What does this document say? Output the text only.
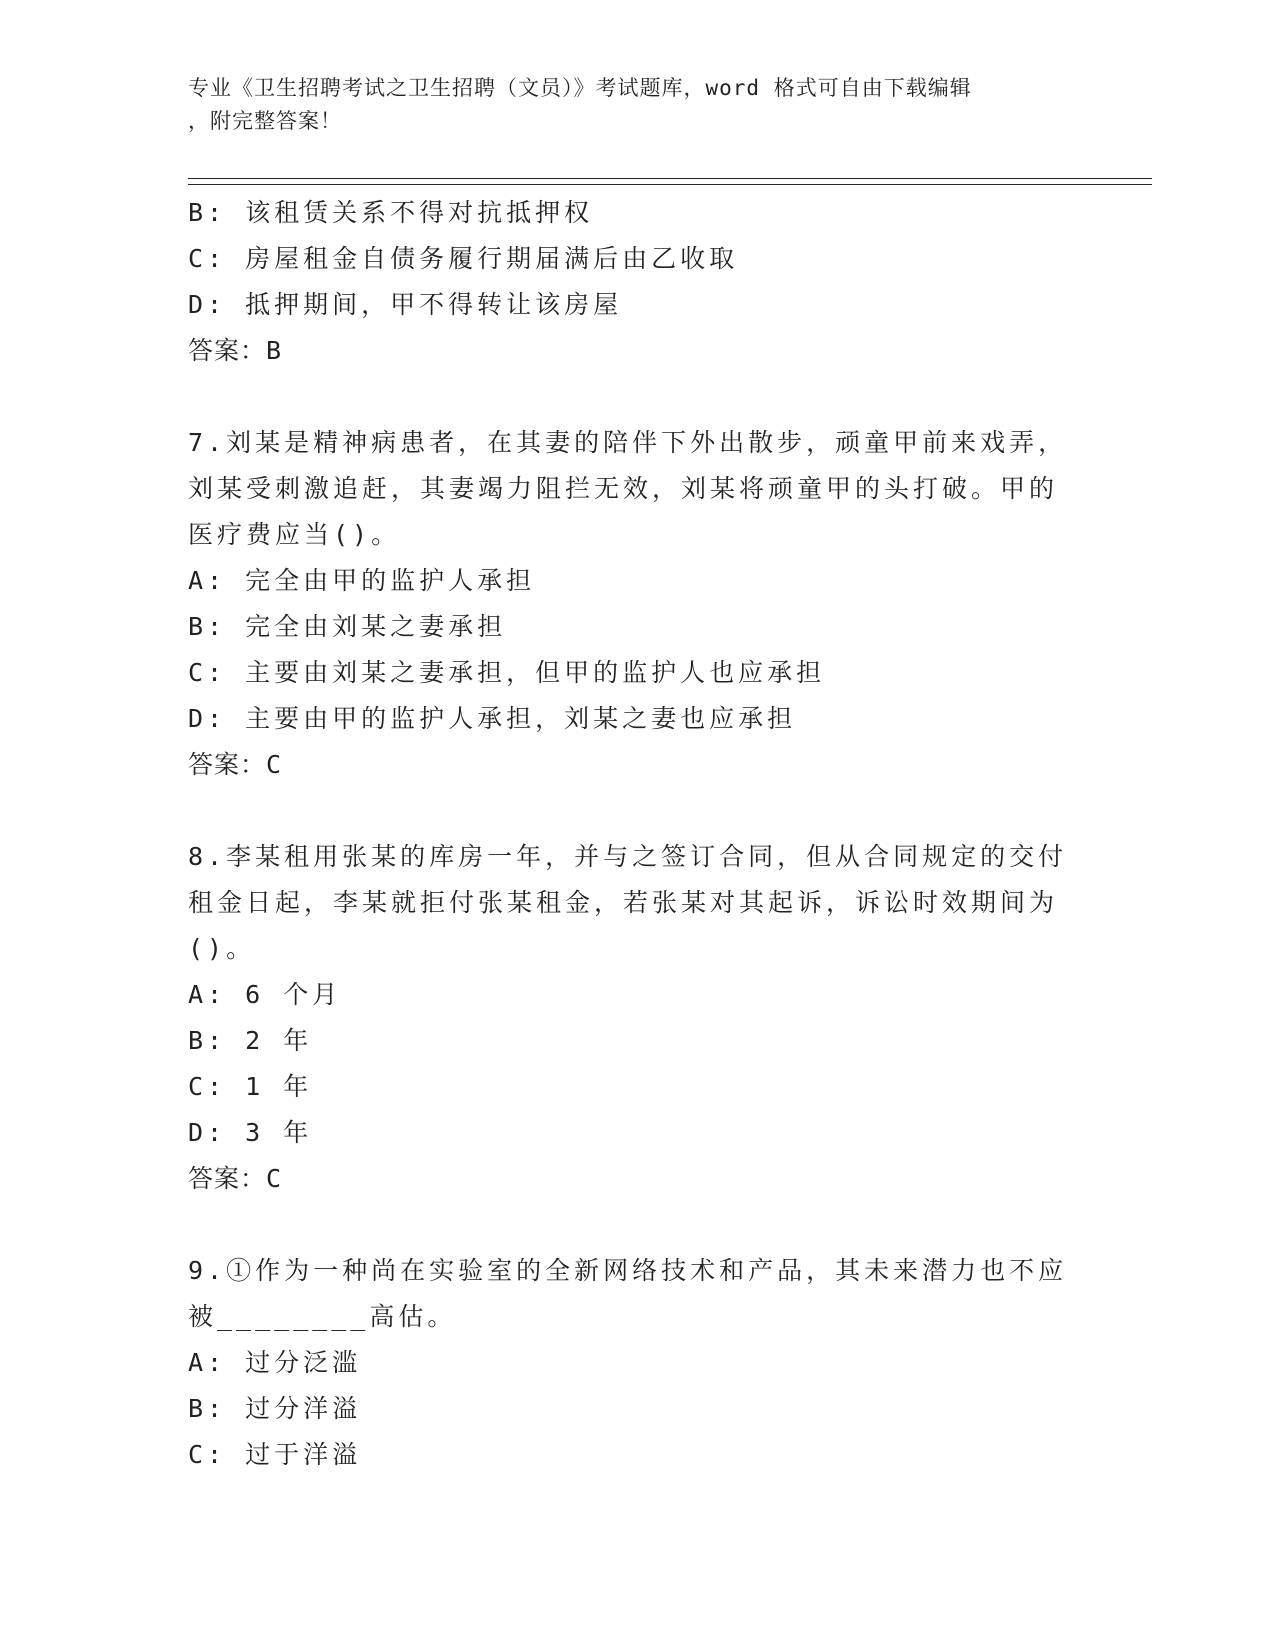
专业《卫生招聘考试之卫生招聘（文员）》考试题库，word 格式可自由下载编辑
，附完整答案！
B: 该租赁关系不得对抗抵押权
C: 房屋租金自债务履行期届满后由乙收取
D: 抵押期间，甲不得转让该房屋
答案：B
7.刘某是精神病患者，在其妻的陪伴下外出散步，顽童甲前来戏弄，
刘某受刺激追赶，其妻竭力阻拦无效，刘某将顽童甲的头打破。甲的
医疗费应当()。
A: 完全由甲的监护人承担
B: 完全由刘某之妻承担
C: 主要由刘某之妻承担，但甲的监护人也应承担
D: 主要由甲的监护人承担，刘某之妻也应承担
答案：C
8.李某租用张某的库房一年，并与之签订合同，但从合同规定的交付
租金日起，李某就拒付张某租金，若张某对其起诉，诉讼时效期间为
()。
A: 6 个月
B: 2 年
C: 1 年
D: 3 年
答案：C
9.①作为一种尚在实验室的全新网络技术和产品，其未来潜力也不应
被________高估。
A: 过分泛滥
B: 过分洋溢
C: 过于洋溢
